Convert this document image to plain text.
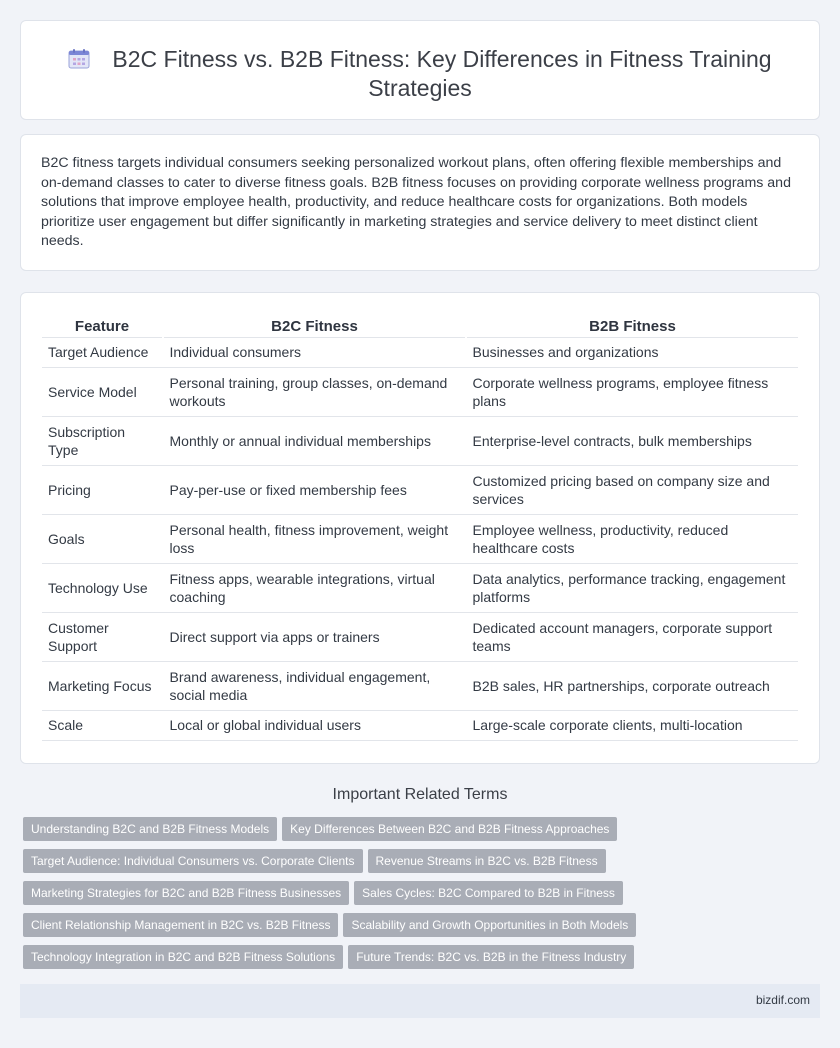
B2C Fitness vs. B2B Fitness: Key Differences in Fitness Training Strategies

B2C fitness targets individual consumers seeking personalized workout plans, often offering flexible memberships and on-demand classes to cater to diverse fitness goals. B2B fitness focuses on providing corporate wellness programs and solutions that improve employee health, productivity, and reduce healthcare costs for organizations. Both models prioritize user engagement but differ significantly in marketing strategies and service delivery to meet distinct client needs.

Feature	B2C Fitness	B2B Fitness
Target Audience	Individual consumers	Businesses and organizations
Service Model	Personal training, group classes, on-demand workouts	Corporate wellness programs, employee fitness plans
Subscription Type	Monthly or annual individual memberships	Enterprise-level contracts, bulk memberships
Pricing	Pay-per-use or fixed membership fees	Customized pricing based on company size and services
Goals	Personal health, fitness improvement, weight loss	Employee wellness, productivity, reduced healthcare costs
Technology Use	Fitness apps, wearable integrations, virtual coaching	Data analytics, performance tracking, engagement platforms
Customer Support	Direct support via apps or trainers	Dedicated account managers, corporate support teams
Marketing Focus	Brand awareness, individual engagement, social media	B2B sales, HR partnerships, corporate outreach
Scale	Local or global individual users	Large-scale corporate clients, multi-location
Important Related Terms
Understanding B2C and B2B Fitness Models Key Differences Between B2C and B2B Fitness Approaches
Target Audience: Individual Consumers vs. Corporate Clients Revenue Streams in B2C vs. B2B Fitness
Marketing Strategies for B2C and B2B Fitness Businesses Sales Cycles: B2C Compared to B2B in Fitness
Client Relationship Management in B2C vs. B2B Fitness Scalability and Growth Opportunities in Both Models
Technology Integration in B2C and B2B Fitness Solutions Future Trends: B2C vs. B2B in the Fitness Industry
bizdif.com
